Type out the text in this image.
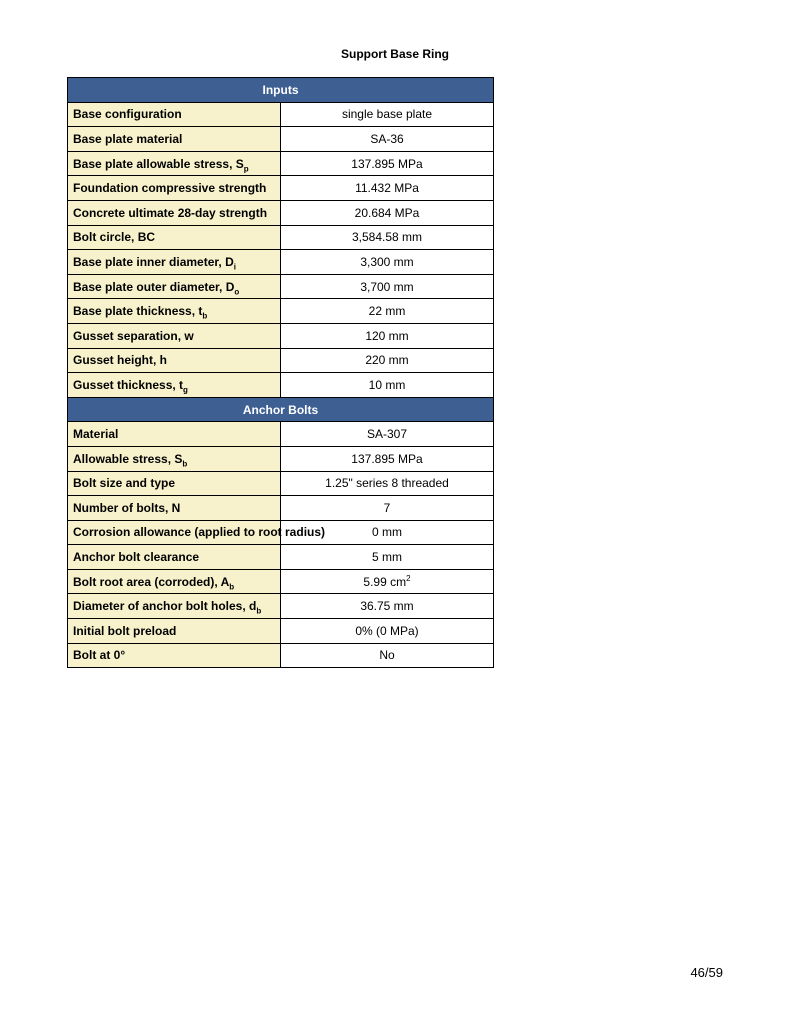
Support Base Ring
Inputs	
Base configuration	single base plate
Base plate material	SA-36
Base plate allowable stress, $S_p$	137.895 MPa
Foundation compressive strength	11.432 MPa
Concrete ultimate 28-day strength	20.684 MPa
Bolt circle, BC	3,584.58 mm
Base plate inner diameter, $D_i$	3,300 mm
Base plate outer diameter, $D_o$	3,700 mm
Base plate thickness, $t_b$	22 mm
Gusset separation, w	120 mm
Gusset height, h	220 mm
Gusset thickness, $t_g$	10 mm
Anchor Bolts	
Material	SA-307
Allowable stress, $S_b$	137.895 MPa
Bolt size and type	1.25" series 8 threaded
Number of bolts, N	7
Corrosion allowance (applied to root radius)	0 mm
Anchor bolt clearance	5 mm
Bolt root area (corroded), $A_b$	5.99 $cm^2$
Diameter of anchor bolt holes, $d_b$	36.75 mm
Initial bolt preload	0% (0 MPa)
Bolt at 0°	No
46/59
